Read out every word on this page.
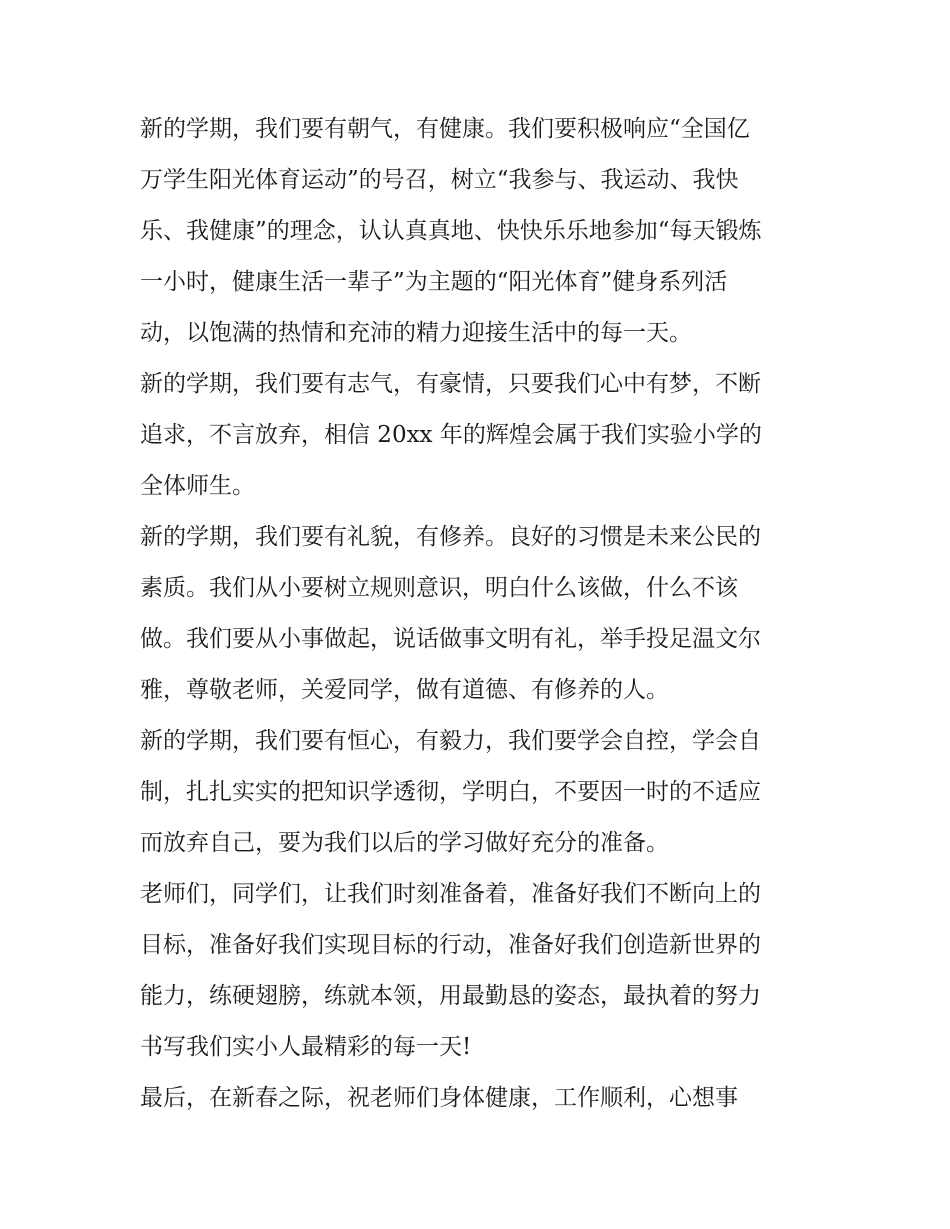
新的学期，我们要有朝气，有健康。我们要积极响应“全国亿
万学生阳光体育运动”的号召，树立“我参与、我运动、我快
乐、我健康”的理念，认认真真地、快快乐乐地参加“每天锻炼
一小时，健康生活一辈子”为主题的“阳光体育”健身系列活
动，以饱满的热情和充沛的精力迎接生活中的每一天。
新的学期，我们要有志气，有豪情，只要我们心中有梦，不断
追求，不言放弃，相信 20xx 年的辉煌会属于我们实验小学的
全体师生。
新的学期，我们要有礼貌，有修养。良好的习惯是未来公民的
素质。我们从小要树立规则意识，明白什么该做，什么不该
做。我们要从小事做起，说话做事文明有礼，举手投足温文尔
雅，尊敬老师，关爱同学，做有道德、有修养的人。
新的学期，我们要有恒心，有毅力，我们要学会自控，学会自
制，扎扎实实的把知识学透彻，学明白，不要因一时的不适应
而放弃自己，要为我们以后的学习做好充分的准备。
老师们，同学们，让我们时刻准备着，准备好我们不断向上的
目标，准备好我们实现目标的行动，准备好我们创造新世界的
能力，练硬翅膀，练就本领，用最勤恳的姿态，最执着的努力
书写我们实小人最精彩的每一天!
最后，在新春之际，祝老师们身体健康，工作顺利，心想事
